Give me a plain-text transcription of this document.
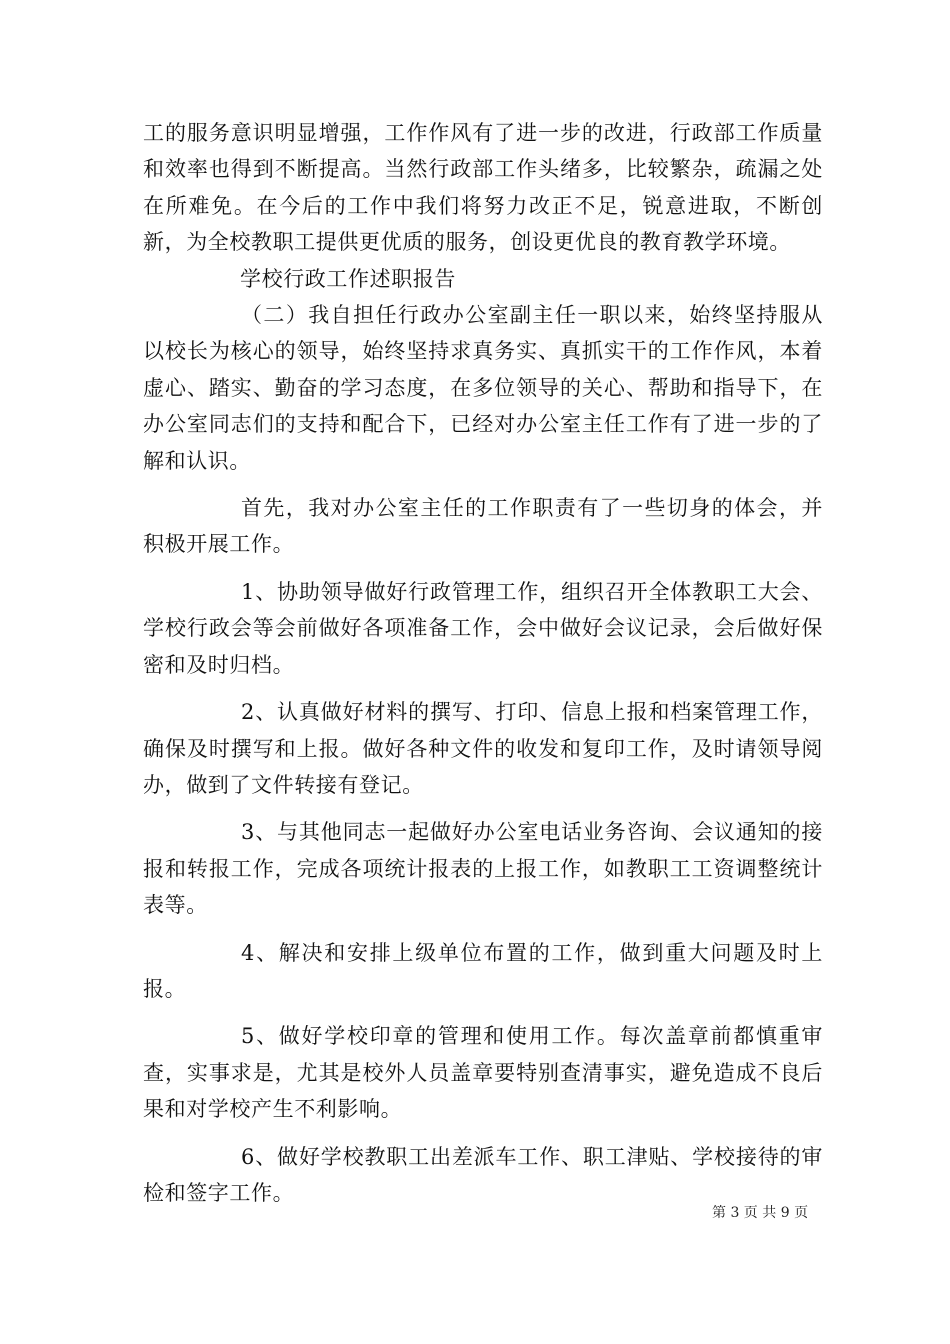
工的服务意识明显增强，工作作风有了进一步的改进，行政部工作质量和效率也得到不断提高。当然行政部工作头绪多，比较繁杂，疏漏之处在所难免。在今后的工作中我们将努力改正不足，锐意进取，不断创新，为全校教职工提供更优质的服务，创设更优良的教育教学环境。

学校行政工作述职报告

（二）我自担任行政办公室副主任一职以来，始终坚持服从以校长为核心的领导，始终坚持求真务实、真抓实干的工作作风，本着虚心、踏实、勤奋的学习态度，在多位领导的关心、帮助和指导下，在办公室同志们的支持和配合下，已经对办公室主任工作有了进一步的了解和认识。

首先，我对办公室主任的工作职责有了一些切身的体会，并积极开展工作。

1、协助领导做好行政管理工作，组织召开全体教职工大会、学校行政会等会前做好各项准备工作，会中做好会议记录，会后做好保密和及时归档。

2、认真做好材料的撰写、打印、信息上报和档案管理工作，确保及时撰写和上报。做好各种文件的收发和复印工作，及时请领导阅办，做到了文件转接有登记。

3、与其他同志一起做好办公室电话业务咨询、会议通知的接报和转报工作，完成各项统计报表的上报工作，如教职工工资调整统计表等。

4、解决和安排上级单位布置的工作，做到重大问题及时上报。

5、做好学校印章的管理和使用工作。每次盖章前都慎重审查，实事求是，尤其是校外人员盖章要特别查清事实，避免造成不良后果和对学校产生不利影响。

6、做好学校教职工出差派车工作、职工津贴、学校接待的审检和签字工作。

第 3 页 共 9 页
